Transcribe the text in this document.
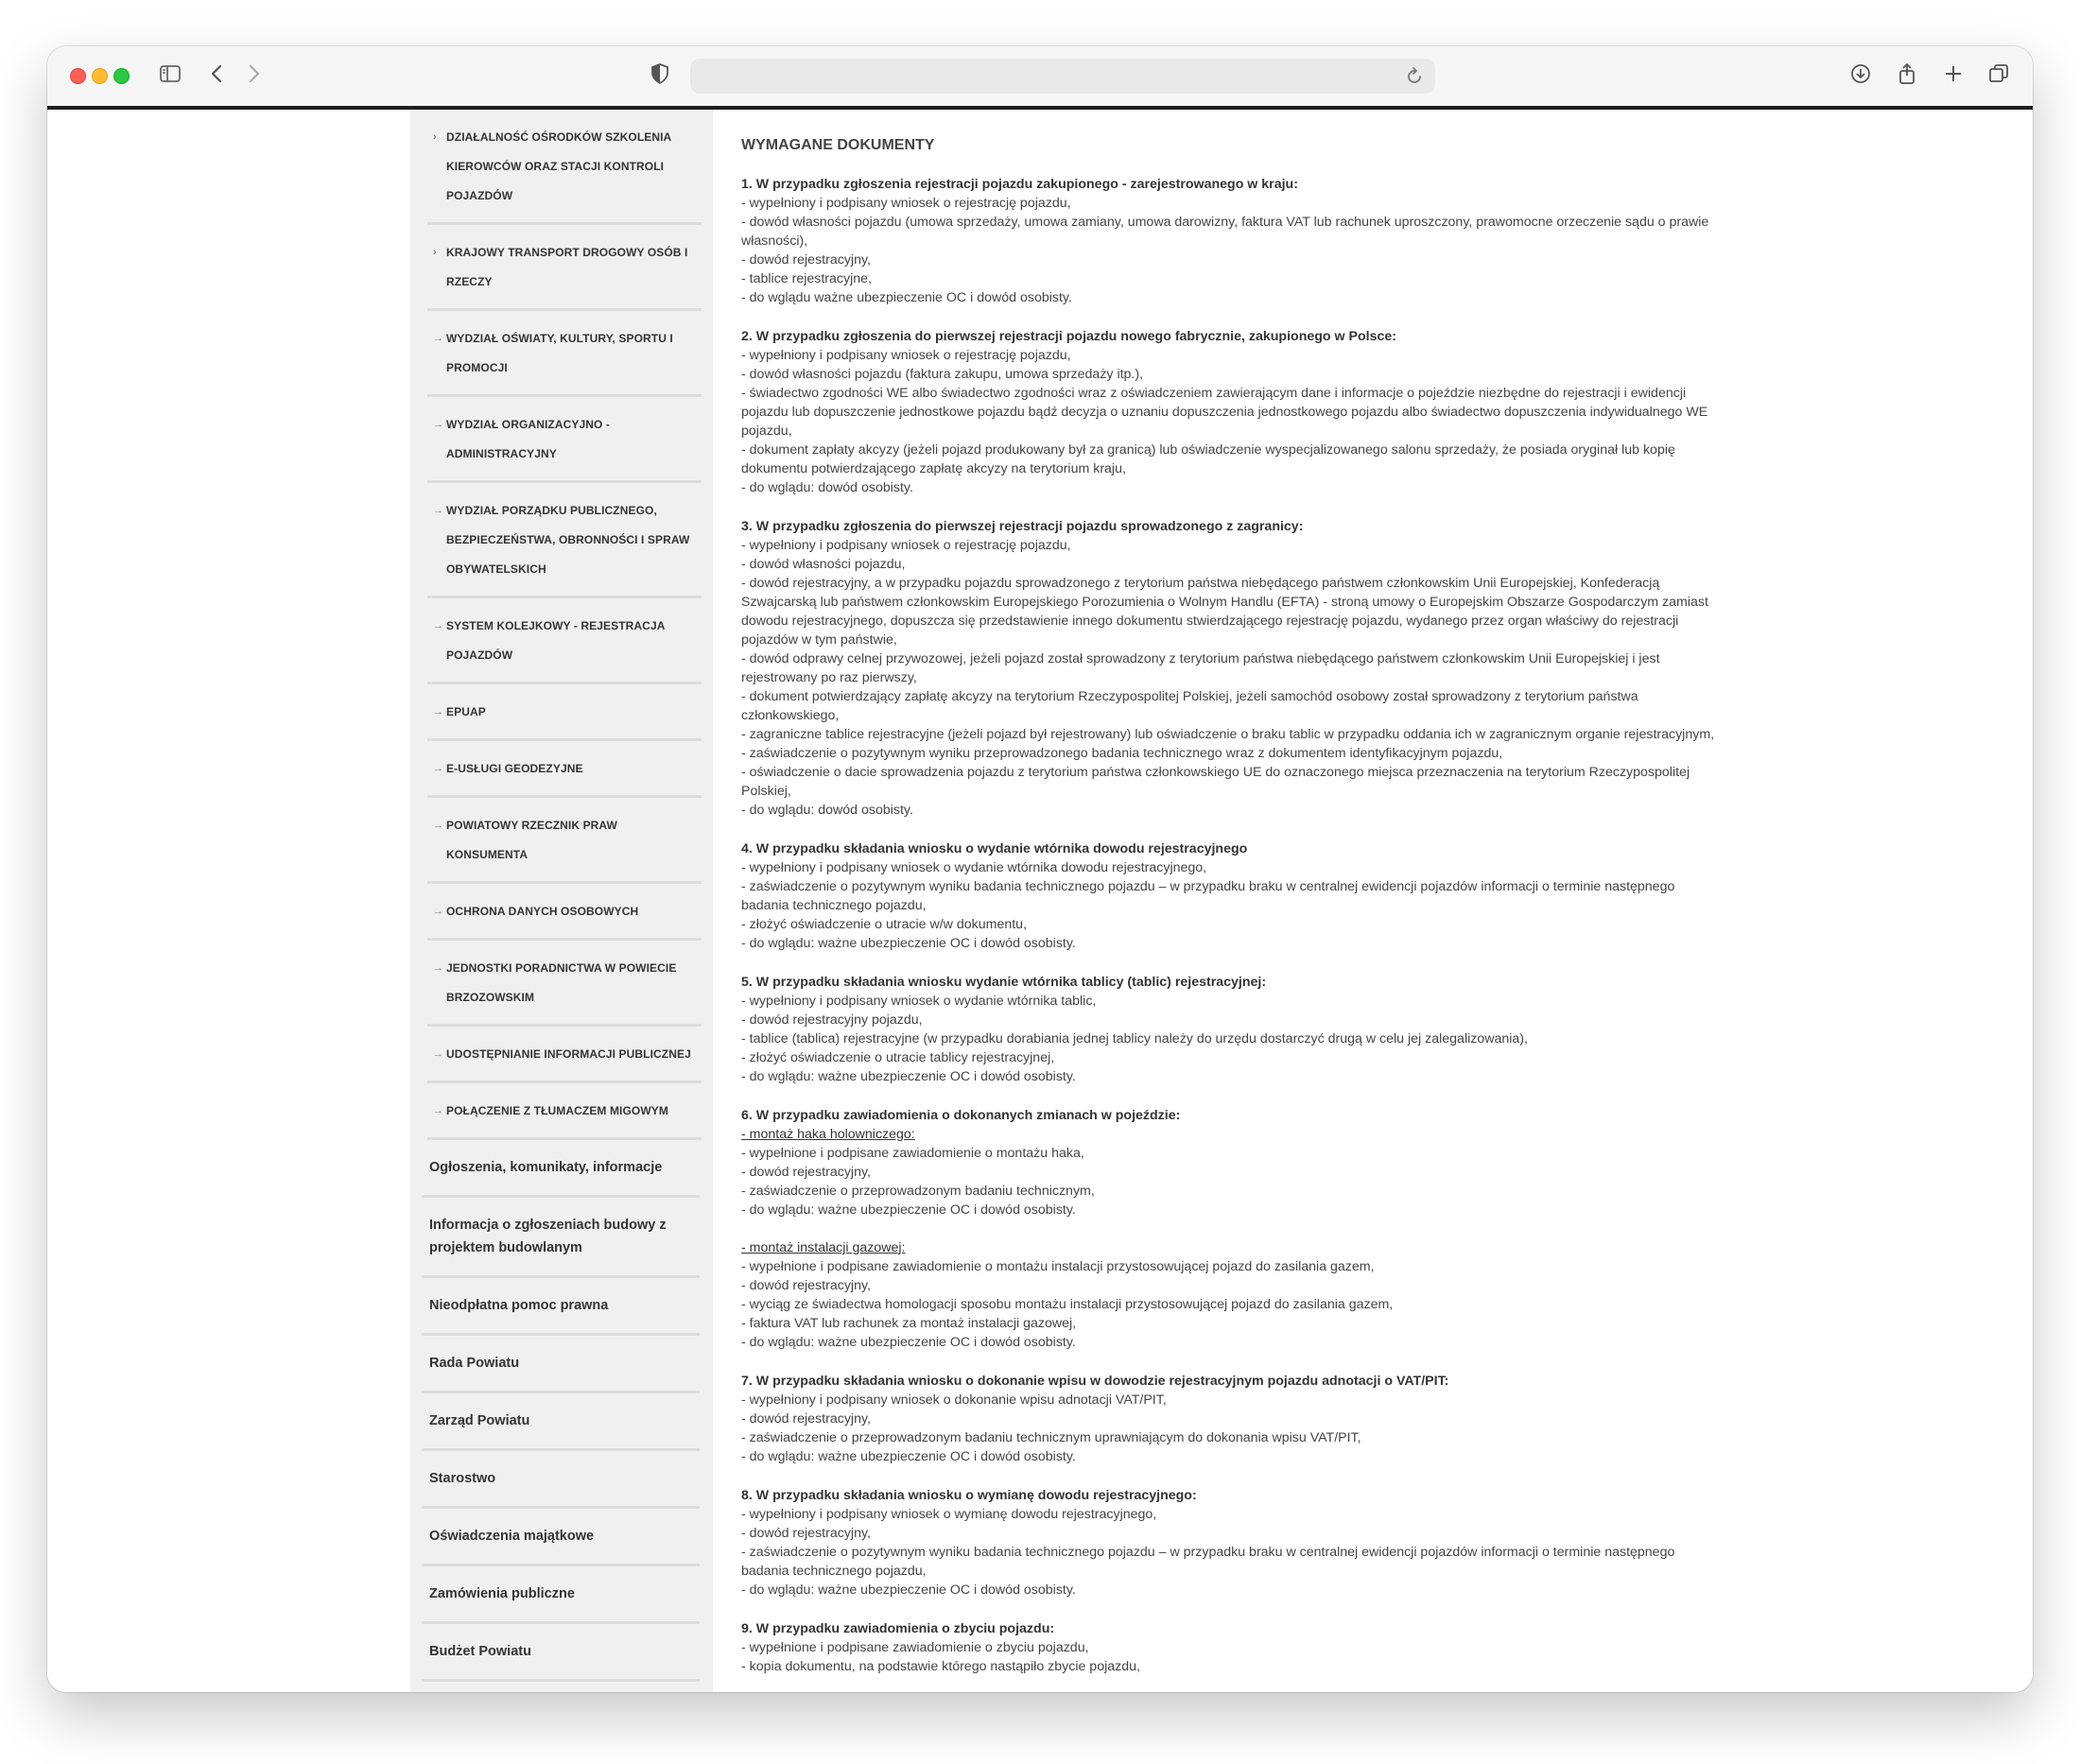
› DZIAŁALNOŚĆ OŚRODKÓW SZKOLENIA KIEROWCÓW ORAZ STACJI KONTROLI POJAZDÓW
› KRAJOWY TRANSPORT DROGOWY OSÓB I RZECZY
→ WYDZIAŁ OŚWIATY, KULTURY, SPORTU I PROMOCJI
→ WYDZIAŁ ORGANIZACYJNO - ADMINISTRACYJNY
→ WYDZIAŁ PORZĄDKU PUBLICZNEGO, BEZPIECZEŃSTWA, OBRONNOŚCI I SPRAW OBYWATELSKICH
→ SYSTEM KOLEJKOWY - REJESTRACJA POJAZDÓW
→ EPUAP
→ E-USŁUGI GEODEZYJNE
→ POWIATOWY RZECZNIK PRAW KONSUMENTA
→ OCHRONA DANYCH OSOBOWYCH
→ JEDNOSTKI PORADNICTWA W POWIECIE BRZOZOWSKIM
→ UDOSTĘPNIANIE INFORMACJI PUBLICZNEJ
→ POŁĄCZENIE Z TŁUMACZEM MIGOWYM
Ogłoszenia, komunikaty, informacje
Informacja o zgłoszeniach budowy z projektem budowlanym
Nieodpłatna pomoc prawna
Rada Powiatu
Zarząd Powiatu
Starostwo
Oświadczenia majątkowe
Zamówienia publiczne
Budżet Powiatu
WYMAGANE DOKUMENTY
1. W przypadku zgłoszenia rejestracji pojazdu zakupionego - zarejestrowanego w kraju:
- wypełniony i podpisany wniosek o rejestrację pojazdu,
- dowód własności pojazdu (umowa sprzedaży, umowa zamiany, umowa darowizny, faktura VAT lub rachunek uproszczony, prawomocne orzeczenie sądu o prawie własności),
- dowód rejestracyjny,
- tablice rejestracyjne,
- do wglądu ważne ubezpieczenie OC i dowód osobisty.
2. W przypadku zgłoszenia do pierwszej rejestracji pojazdu nowego fabrycznie, zakupionego w Polsce:
- wypełniony i podpisany wniosek o rejestrację pojazdu,
- dowód własności pojazdu (faktura zakupu, umowa sprzedaży itp.),
- świadectwo zgodności WE albo świadectwo zgodności wraz z oświadczeniem zawierającym dane i informacje o pojeździe niezbędne do rejestracji i ewidencji pojazdu lub dopuszczenie jednostkowe pojazdu bądź decyzja o uznaniu dopuszczenia jednostkowego pojazdu albo świadectwo dopuszczenia indywidualnego WE pojazdu,
- dokument zapłaty akcyzy (jeżeli pojazd produkowany był za granicą) lub oświadczenie wyspecjalizowanego salonu sprzedaży, że posiada oryginał lub kopię dokumentu potwierdzającego zapłatę akcyzy na terytorium kraju,
- do wglądu: dowód osobisty.
3. W przypadku zgłoszenia do pierwszej rejestracji pojazdu sprowadzonego z zagranicy:
- wypełniony i podpisany wniosek o rejestrację pojazdu,
- dowód własności pojazdu,
- dowód rejestracyjny, a w przypadku pojazdu sprowadzonego z terytorium państwa niebędącego państwem członkowskim Unii Europejskiej, Konfederacją Szwajcarską lub państwem członkowskim Europejskiego Porozumienia o Wolnym Handlu (EFTA) - stroną umowy o Europejskim Obszarze Gospodarczym zamiast dowodu rejestracyjnego, dopuszcza się przedstawienie innego dokumentu stwierdzającego rejestrację pojazdu, wydanego przez organ właściwy do rejestracji pojazdów w tym państwie,
- dowód odprawy celnej przywozowej, jeżeli pojazd został sprowadzony z terytorium państwa niebędącego państwem członkowskim Unii Europejskiej i jest rejestrowany po raz pierwszy,
- dokument potwierdzający zapłatę akcyzy na terytorium Rzeczypospolitej Polskiej, jeżeli samochód osobowy został sprowadzony z terytorium państwa członkowskiego,
- zagraniczne tablice rejestracyjne (jeżeli pojazd był rejestrowany) lub oświadczenie o braku tablic w przypadku oddania ich w zagranicznym organie rejestracyjnym,
- zaświadczenie o pozytywnym wyniku przeprowadzonego badania technicznego wraz z dokumentem identyfikacyjnym pojazdu,
- oświadczenie o dacie sprowadzenia pojazdu z terytorium państwa członkowskiego UE do oznaczonego miejsca przeznaczenia na terytorium Rzeczypospolitej Polskiej,
- do wglądu: dowód osobisty.
4. W przypadku składania wniosku o wydanie wtórnika dowodu rejestracyjnego
- wypełniony i podpisany wniosek o wydanie wtórnika dowodu rejestracyjnego,
- zaświadczenie o pozytywnym wyniku badania technicznego pojazdu – w przypadku braku w centralnej ewidencji pojazdów informacji o terminie następnego badania technicznego pojazdu,
- złożyć oświadczenie o utracie w/w dokumentu,
- do wglądu: ważne ubezpieczenie OC i dowód osobisty.
5. W przypadku składania wniosku wydanie wtórnika tablicy (tablic) rejestracyjnej:
- wypełniony i podpisany wniosek o wydanie wtórnika tablic,
- dowód rejestracyjny pojazdu,
- tablice (tablica) rejestracyjne (w przypadku dorabiania jednej tablicy należy do urzędu dostarczyć drugą w celu jej zalegalizowania),
- złożyć oświadczenie o utracie tablicy rejestracyjnej,
- do wglądu: ważne ubezpieczenie OC i dowód osobisty.
6. W przypadku zawiadomienia o dokonanych zmianach w pojeździe:
- montaż haka holowniczego:
- wypełnione i podpisane zawiadomienie o montażu haka,
- dowód rejestracyjny,
- zaświadczenie o przeprowadzonym badaniu technicznym,
- do wglądu: ważne ubezpieczenie OC i dowód osobisty.
- montaż instalacji gazowej:
- wypełnione i podpisane zawiadomienie o montażu instalacji przystosowującej pojazd do zasilania gazem,
- dowód rejestracyjny,
- wyciąg ze świadectwa homologacji sposobu montażu instalacji przystosowującej pojazd do zasilania gazem,
- faktura VAT lub rachunek za montaż instalacji gazowej,
- do wglądu: ważne ubezpieczenie OC i dowód osobisty.
7. W przypadku składania wniosku o dokonanie wpisu w dowodzie rejestracyjnym pojazdu adnotacji o VAT/PIT:
- wypełniony i podpisany wniosek o dokonanie wpisu adnotacji VAT/PIT,
- dowód rejestracyjny,
- zaświadczenie o przeprowadzonym badaniu technicznym uprawniającym do dokonania wpisu VAT/PIT,
- do wglądu: ważne ubezpieczenie OC i dowód osobisty.
8. W przypadku składania wniosku o wymianę dowodu rejestracyjnego:
- wypełniony i podpisany wniosek o wymianę dowodu rejestracyjnego,
- dowód rejestracyjny,
- zaświadczenie o pozytywnym wyniku badania technicznego pojazdu – w przypadku braku w centralnej ewidencji pojazdów informacji o terminie następnego badania technicznego pojazdu,
- do wglądu: ważne ubezpieczenie OC i dowód osobisty.
9. W przypadku zawiadomienia o zbyciu pojazdu:
- wypełnione i podpisane zawiadomienie o zbyciu pojazdu,
- kopia dokumentu, na podstawie którego nastąpiło zbycie pojazdu,
